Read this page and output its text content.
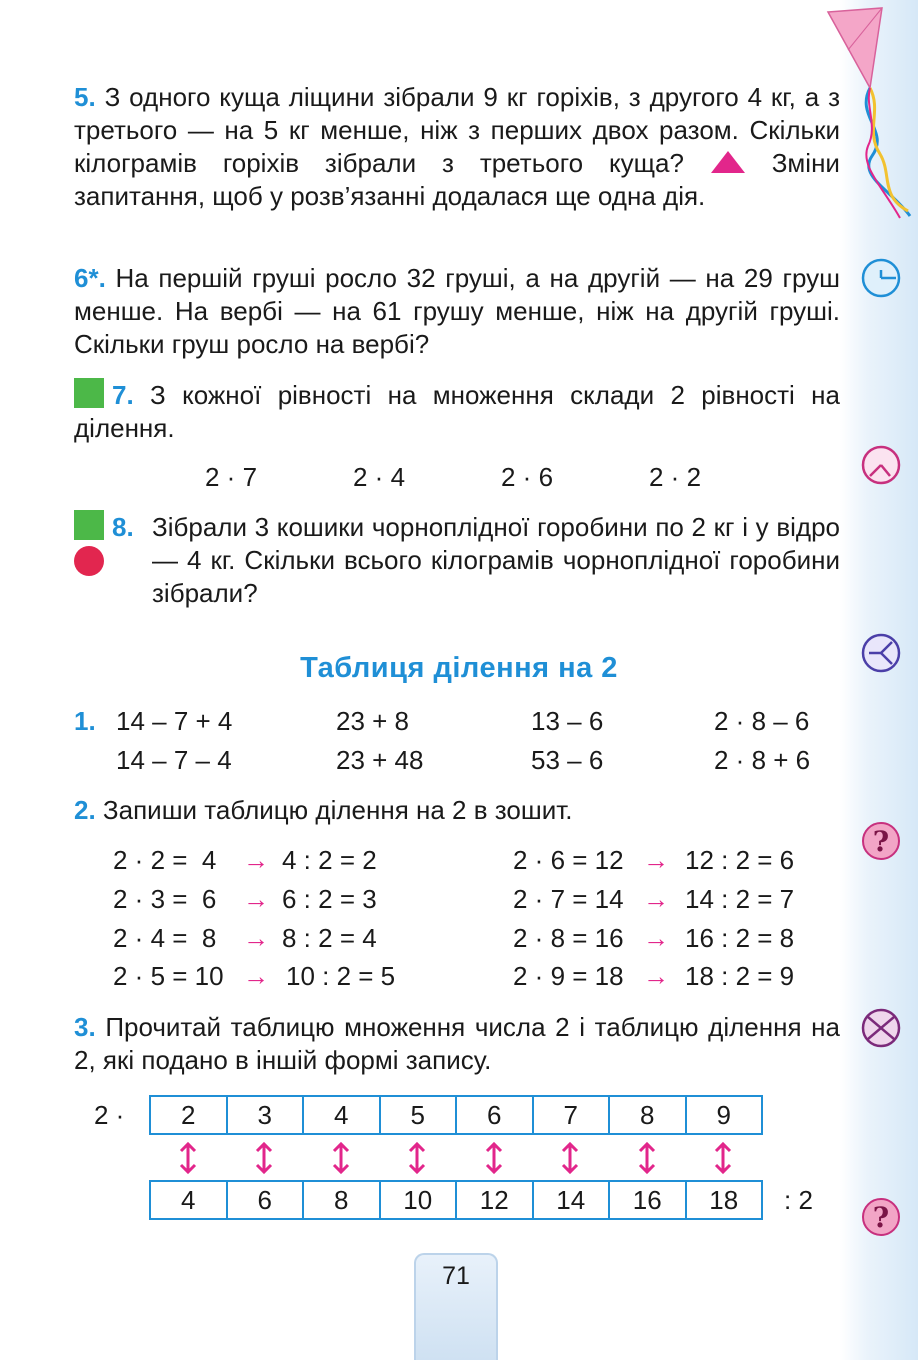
?
?
5. З одного куща ліщини зібрали 9 кг горіхів, з другого 4 кг, а з третього — на 5 кг менше, ніж з перших двох разом. Скільки кілограмів горіхів зібрали з третього куща?	Зміни запитання, щоб у розв’язанні додалася ще одна дія.
6*. На першій груші росло 32 груші, а на другій — на 29 груш менше. На вербі — на 61 грушу менше, ніж на другій груші. Скільки груш росло на вербі?
7. З кожної рівності на множення склади 2 рівності на ділення.
2 · 7	2 · 4	2 · 6	2 · 2
8. Зібрали 3 кошики чорноплідної горобини по 2 кг і у відро — 4 кг. Скільки всього кілограмів чорноплідної горобини зібрали?
Таблиця ділення на 2
1. 14 – 7 + 4	23 + 8	13 – 6	2 · 8 – 6
14 – 7 – 4	23 + 48	53 – 6	2 · 8 + 6
2. Запиши таблицю ділення на 2 в зошит.
2 · 2 =  4 → 4 : 2 = 2
2 · 3 =  6 → 6 : 2 = 3
2 · 4 =  8 → 8 : 2 = 4
2 · 5 = 10 → 10 : 2 = 5
2 · 6 = 12 → 12 : 2 = 6
2 · 7 = 14 → 14 : 2 = 7
2 · 8 = 16 → 16 : 2 = 8
2 · 9 = 18 → 18 : 2 = 9
3. Прочитай таблицю множення числа 2 і таблицю ділення на 2, які подано в іншій формі запису.
2 · 2	3	4	5	6	7	8	9
4	6	8	10	12	14	16	18 : 2
71
